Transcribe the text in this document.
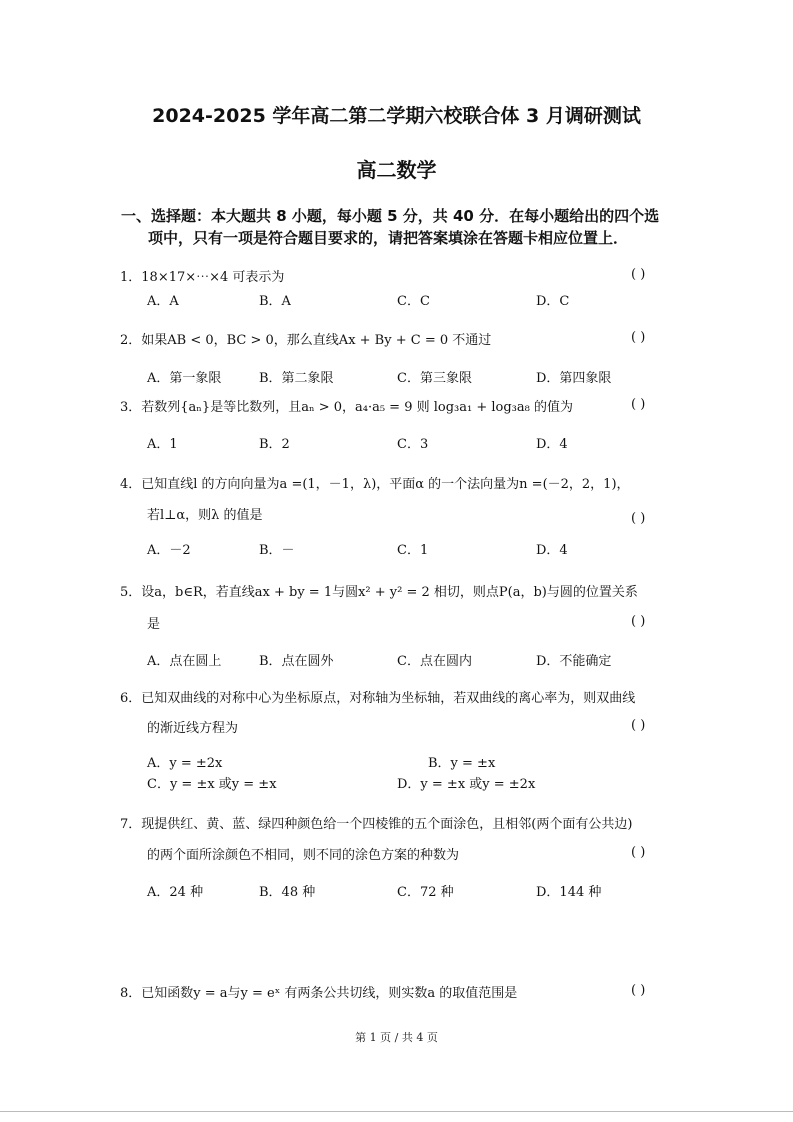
2024-2025 学年高二第二学期六校联合体 3 月调研测试
高二数学
一、选择题：本大题共 8 小题，每小题 5 分，共 40 分．在每小题给出的四个选
项中，只有一项是符合题目要求的，请把答案填涂在答题卡相应位置上．
1．18×17×⋯×4 可表示为	( )
A．A	B．A	C．C	D．C
2．如果AB < 0，BC > 0，那么直线Ax + By + C = 0 不通过	( )
A．第一象限	B．第二象限	C．第三象限	D．第四象限
3．若数列{aₙ}是等比数列，且aₙ > 0，a₄·a₅ = 9 则 log₃a₁ + log₃a₈ 的值为	( )
A．1	B．2	C．3	D．4
4．已知直线l 的方向向量为a =(1，－1，λ)，平面α 的一个法向量为n =(－2，2，1)，
若l⊥α，则λ 的值是	( )
A．－2	B．－	C．1	D．4
5．设a，b∈R，若直线ax + by = 1与圆x² + y² = 2 相切，则点P(a，b)与圆的位置关系
是	( )
A．点在圆上	B．点在圆外	C．点在圆内	D．不能确定
6．已知双曲线的对称中心为坐标原点，对称轴为坐标轴，若双曲线的离心率为，则双曲线
的渐近线方程为	( )
A．y = ±2x	B．y = ±x
C．y = ±x 或y = ±x	D．y = ±x 或y = ±2x
7．现提供红、黄、蓝、绿四种颜色给一个四棱锥的五个面涂色，且相邻(两个面有公共边)
的两个面所涂颜色不相同，则不同的涂色方案的种数为	( )
A．24 种	B．48 种	C．72 种	D．144 种
8．已知函数y = a与y = eˣ 有两条公共切线，则实数a 的取值范围是	( )
第 1 页 / 共 4 页
